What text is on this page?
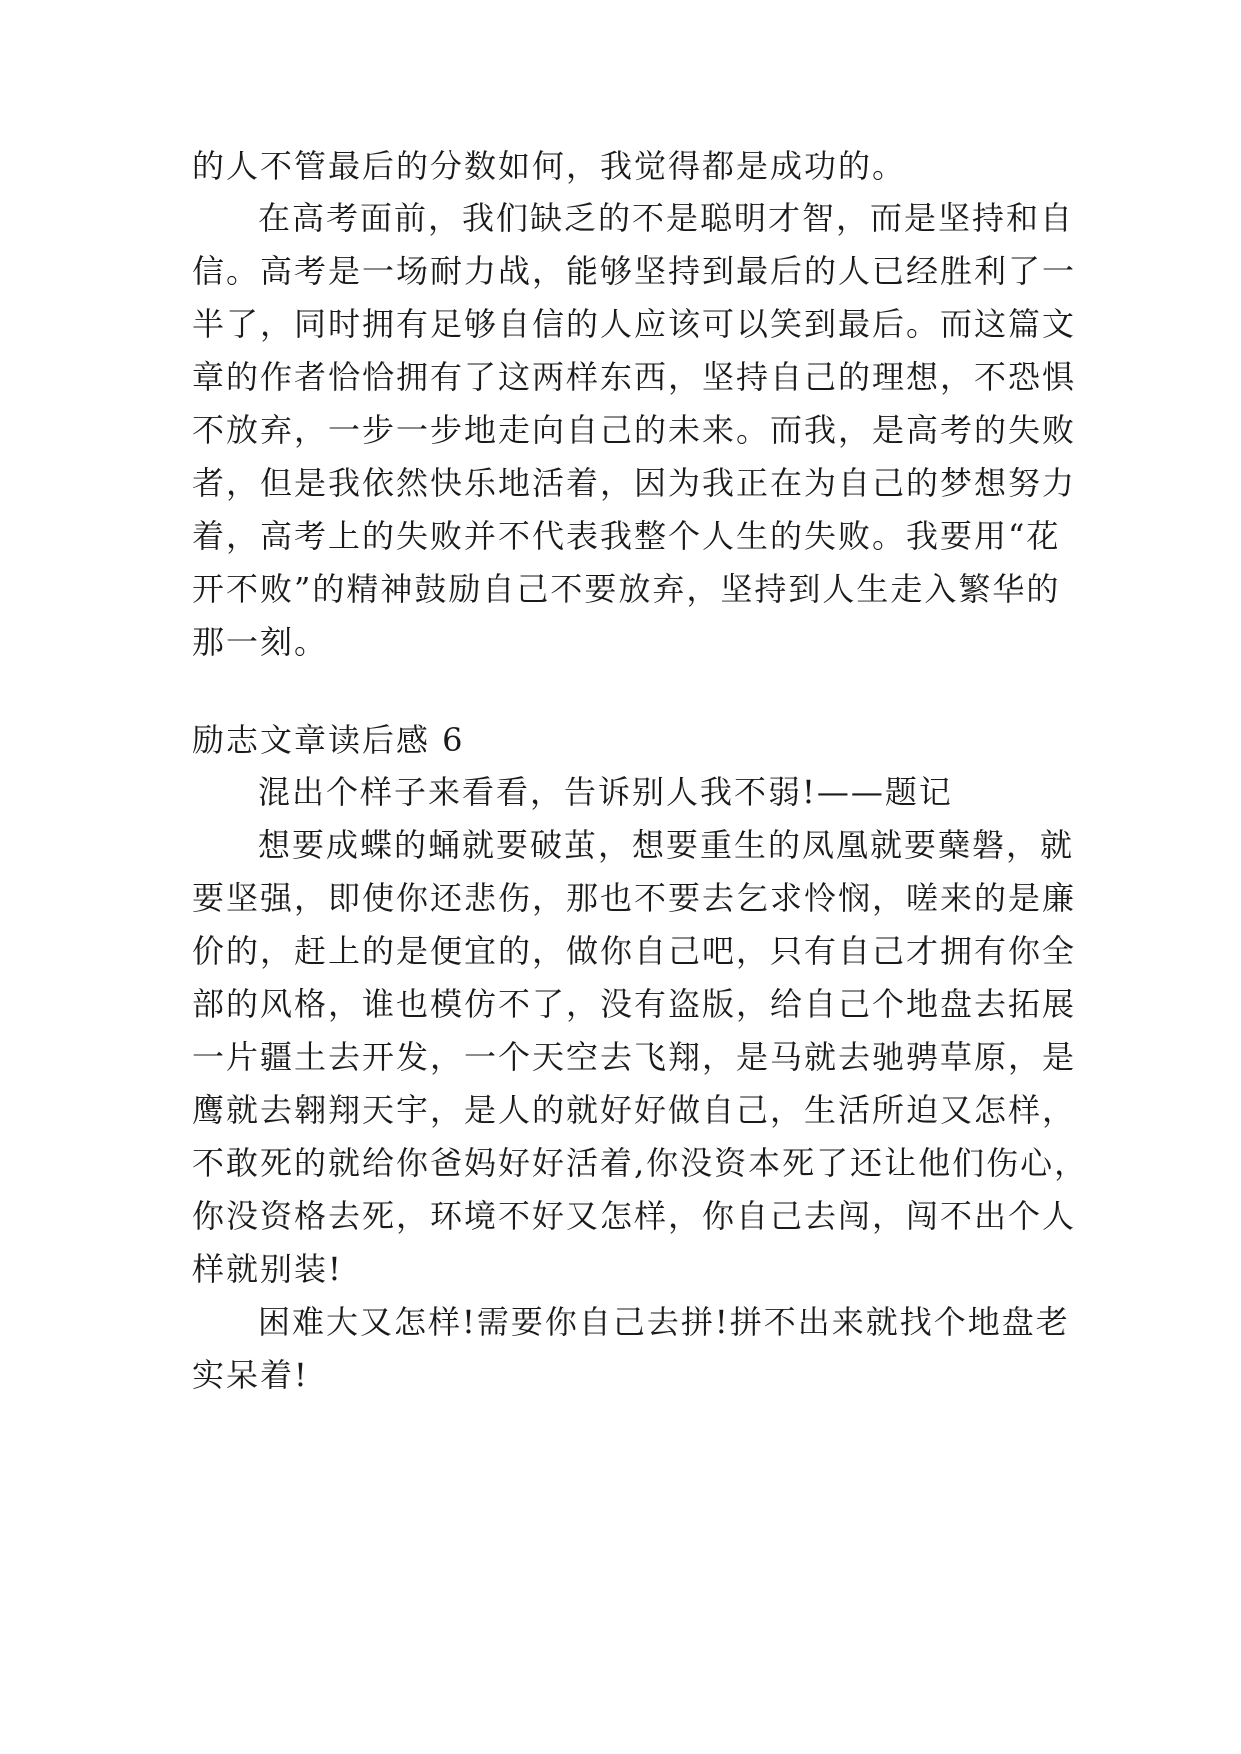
的人不管最后的分数如何，我觉得都是成功的。
在高考面前，我们缺乏的不是聪明才智，而是坚持和自
信。高考是一场耐力战，能够坚持到最后的人已经胜利了一
半了，同时拥有足够自信的人应该可以笑到最后。而这篇文
章的作者恰恰拥有了这两样东西，坚持自己的理想，不恐惧
不放弃，一步一步地走向自己的未来。而我，是高考的失败
者，但是我依然快乐地活着，因为我正在为自己的梦想努力
着，高考上的失败并不代表我整个人生的失败。我要用“花
开不败”的精神鼓励自己不要放弃，坚持到人生走入繁华的
那一刻。
励志文章读后感 6
混出个样子来看看，告诉别人我不弱!——题记
想要成蝶的蛹就要破茧，想要重生的凤凰就要蘖磐，就
要坚强，即使你还悲伤，那也不要去乞求怜悯，嗟来的是廉
价的，赶上的是便宜的，做你自己吧，只有自己才拥有你全
部的风格，谁也模仿不了，没有盗版，给自己个地盘去拓展
一片疆土去开发，一个天空去飞翔，是马就去驰骋草原，是
鹰就去翱翔天宇，是人的就好好做自己，生活所迫又怎样，
不敢死的就给你爸妈好好活着,你没资本死了还让他们伤心，
你没资格去死，环境不好又怎样，你自己去闯，闯不出个人
样就别装!
困难大又怎样!需要你自己去拼!拼不出来就找个地盘老
实呆着!
